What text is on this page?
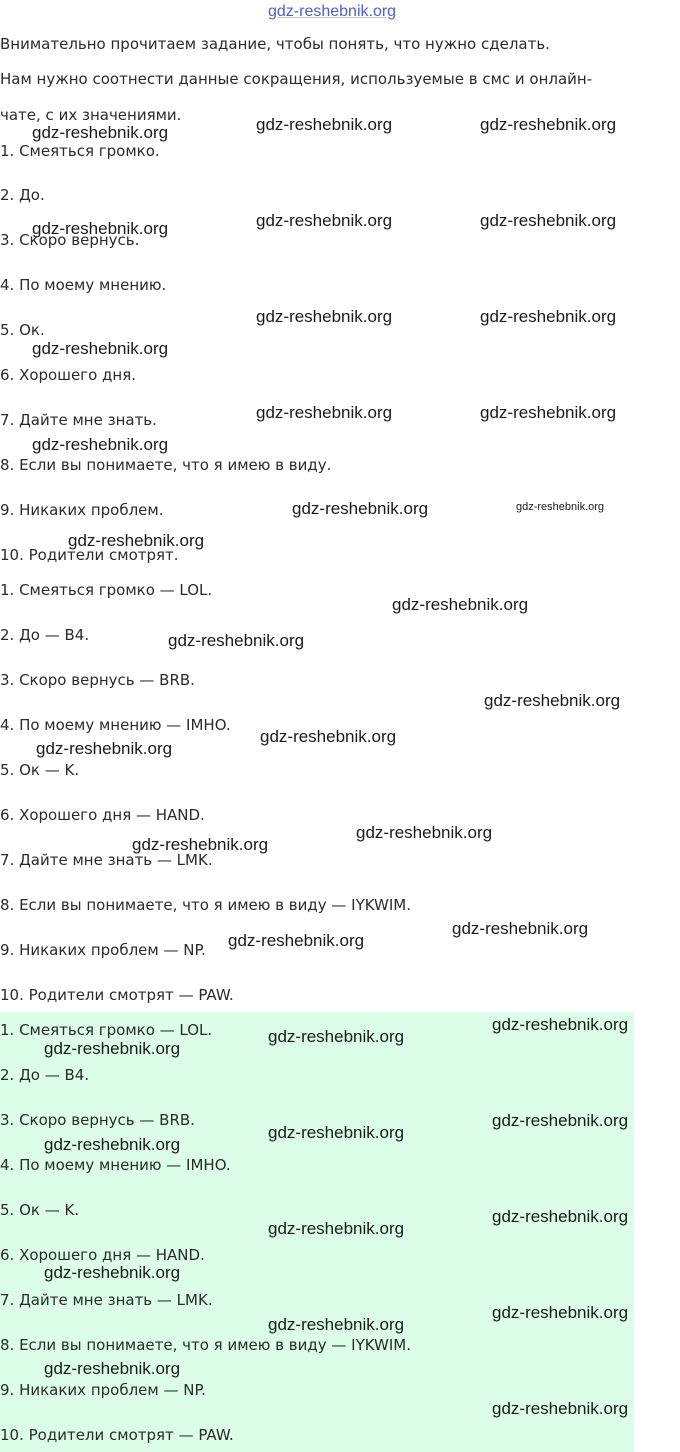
gdz-reshebnik.org
Внимательно прочитаем задание, чтобы понять, что нужно сделать.
Нам нужно соотнести данные сокращения, используемые в смс и онлайн-
чате, с их значениями.
1. Смеяться громко.
2. До.
3. Скоро вернусь.
4. По моему мнению.
5. Ок.
6. Хорошего дня.
7. Дайте мне знать.
8. Если вы понимаете, что я имею в виду.
9. Никаких проблем.
10. Родители смотрят.
1. Смеяться громко — LOL.
2. До — B4.
3. Скоро вернусь — BRB.
4. По моему мнению — IMHO.
5. Ок — K.
6. Хорошего дня — HAND.
7. Дайте мне знать — LMK.
8. Если вы понимаете, что я имею в виду — IYKWIM.
9. Никаких проблем — NP.
10. Родители смотрят — PAW.
1. Смеяться громко — LOL.
2. До — B4.
3. Скоро вернусь — BRB.
4. По моему мнению — IMHO.
5. Ок — K.
6. Хорошего дня — HAND.
7. Дайте мне знать — LMK.
8. Если вы понимаете, что я имею в виду — IYKWIM.
9. Никаких проблем — NP.
10. Родители смотрят — PAW.
gdz-reshebnik.org	gdz-reshebnik.org	gdz-reshebnik.org
gdz-reshebnik.org	gdz-reshebnik.org	gdz-reshebnik.org
gdz-reshebnik.org	gdz-reshebnik.org
gdz-reshebnik.org
gdz-reshebnik.org	gdz-reshebnik.org
gdz-reshebnik.org
gdz-reshebnik.org	gdz-reshebnik.org
gdz-reshebnik.org
gdz-reshebnik.org
gdz-reshebnik.org
gdz-reshebnik.org
gdz-reshebnik.org
gdz-reshebnik.org
gdz-reshebnik.org
gdz-reshebnik.org
gdz-reshebnik.org
gdz-reshebnik.org
gdz-reshebnik.org
gdz-reshebnik.org
gdz-reshebnik.org
gdz-reshebnik.org
gdz-reshebnik.org
gdz-reshebnik.org
gdz-reshebnik.org
gdz-reshebnik.org
gdz-reshebnik.org
gdz-reshebnik.org
gdz-reshebnik.org
gdz-reshebnik.org
gdz-reshebnik.org
